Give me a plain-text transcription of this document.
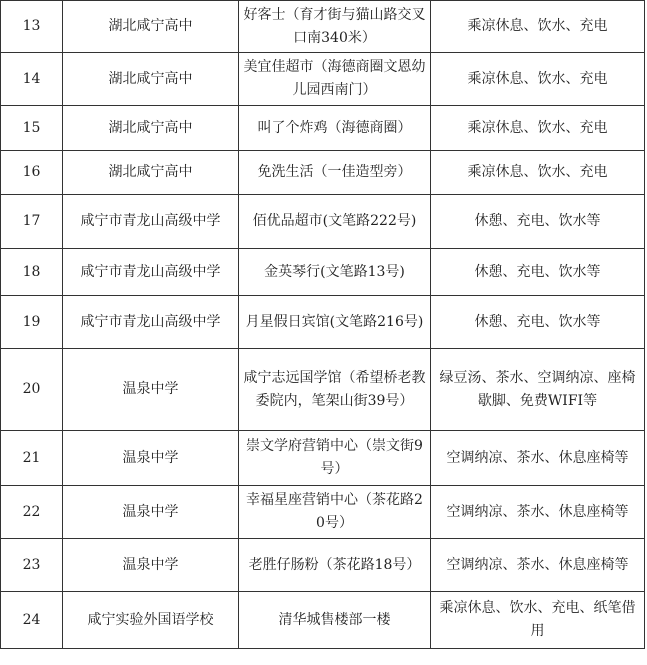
13	湖北咸宁高中	好客士（育才街与猫山路交叉口南340米）	乘凉休息、饮水、充电
14	湖北咸宁高中	美宜佳超市（海德商圈文恩幼儿园西南门）	乘凉休息、饮水、充电
15	湖北咸宁高中	叫了个炸鸡（海德商圈）	乘凉休息、饮水、充电
16	湖北咸宁高中	免洗生活（一佳造型旁）	乘凉休息、饮水、充电
17	咸宁市青龙山高级中学	佰优品超市(文笔路222号)	休憩、充电、饮水等
18	咸宁市青龙山高级中学	金英琴行(文笔路13号)	休憩、充电、饮水等
19	咸宁市青龙山高级中学	月星假日宾馆(文笔路216号)	休憩、充电、饮水等
20	温泉中学	咸宁志远国学馆（希望桥老教委院内，笔架山街39号）	绿豆汤、茶水、空调纳凉、座椅歇脚、免费WIFI等
21	温泉中学	崇文学府营销中心（崇文街9号）	空调纳凉、茶水、休息座椅等
22	温泉中学	幸福星座营销中心（茶花路20号）	空调纳凉、茶水、休息座椅等
23	温泉中学	老胜仔肠粉（茶花路18号）	空调纳凉、茶水、休息座椅等
24	咸宁实验外国语学校	清华城售楼部一楼	乘凉休息、饮水、充电、纸笔借用
